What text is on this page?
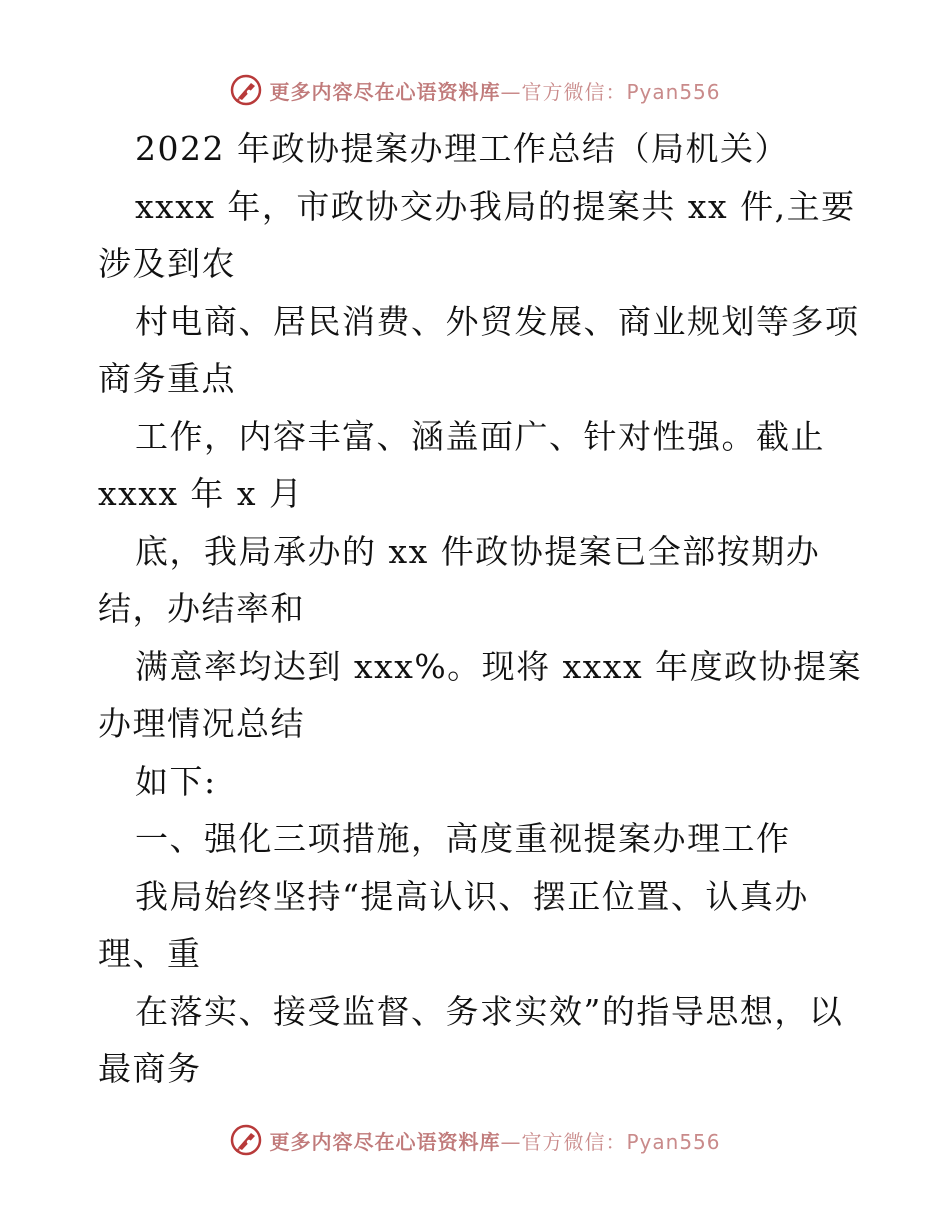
更多内容尽在心语资料库—官方微信：Pyan556
2022 年政协提案办理工作总结（局机关）
xxxx 年，市政协交办我局的提案共 xx 件,主要
涉及到农
村电商、居民消费、外贸发展、商业规划等多项
商务重点
工作，内容丰富、涵盖面广、针对性强。截止
xxxx 年 x 月
底，我局承办的 xx 件政协提案已全部按期办
结，办结率和
满意率均达到 xxx%。现将 xxxx 年度政协提案
办理情况总结
如下:
一、强化三项措施，高度重视提案办理工作
我局始终坚持“提高认识、摆正位置、认真办
理、重
在落实、接受监督、务求实效”的指导思想，以
最商务
更多内容尽在心语资料库—官方微信：Pyan556
